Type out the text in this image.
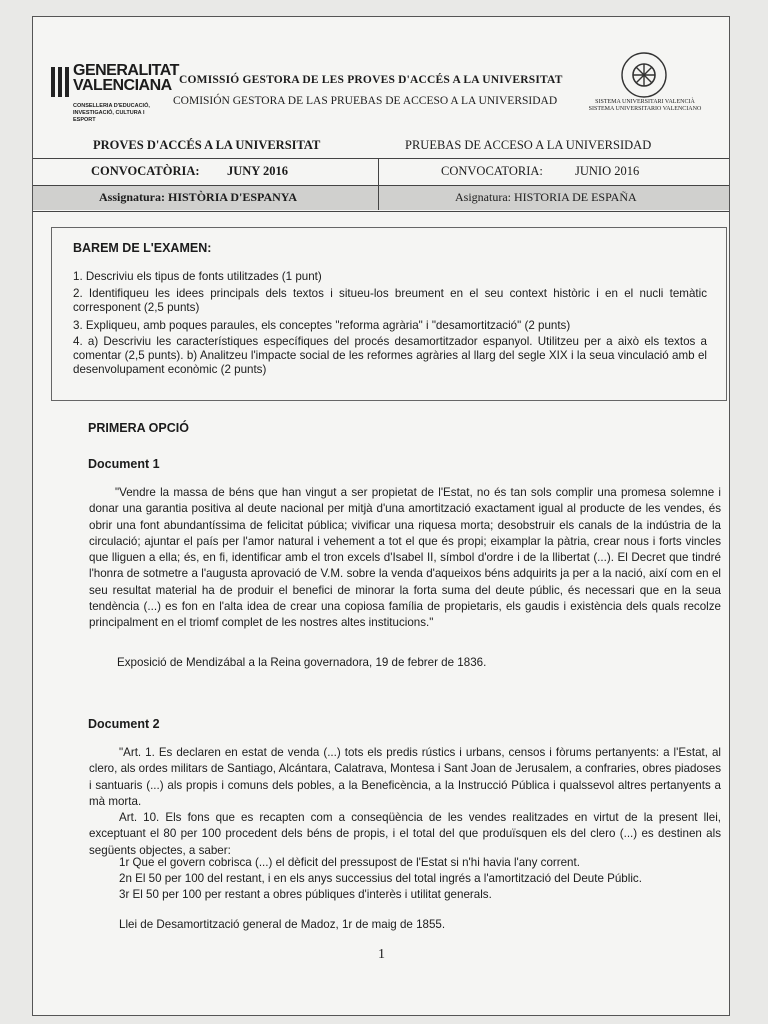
GENERALITAT
VALENCIANA
CONSELLERIA D'EDUCACIÓ, INVESTIGACIÓ, CULTURA I ESPORT
COMISSIÓ GESTORA DE LES PROVES D'ACCÉS A LA UNIVERSITAT
COMISIÓN GESTORA DE LAS PRUEBAS DE ACCESO A LA UNIVERSIDAD	SISTEMA UNIVERSITARI VALENCIÀ
SISTEMA UNIVERSITARIO VALENCIANO
PROVES D'ACCÉS A LA UNIVERSITAT	PRUEBAS DE ACCESO A LA UNIVERSIDAD
CONVOCATÒRIA: JUNY 2016	CONVOCATORIA:	JUNIO 2016
Assignatura: HISTÒRIA D'ESPANYA	Asignatura: HISTORIA DE ESPAÑA
BAREM DE L'EXAMEN:
1. Descriviu els tipus de fonts utilitzades (1 punt)
2. Identifiqueu les idees principals dels textos i situeu-los breument en el seu context històric i en el nucli temàtic corresponent (2,5 punts)
3. Expliqueu, amb poques paraules, els conceptes "reforma agrària" i "desamortització" (2 punts)
4. a) Descriviu les característiques específiques del procés desamortitzador espanyol. Utilitzeu per a això els textos a comentar (2,5 punts). b) Analitzeu l'impacte social de les reformes agràries al llarg del segle XIX i la seua vinculació amb el desenvolupament econòmic (2 punts)
PRIMERA OPCIÓ
Document 1
"Vendre la massa de béns que han vingut a ser propietat de l'Estat, no és tan sols complir una promesa solemne i donar una garantia positiva al deute nacional per mitjà d'una amortització exactament igual al producte de les vendes, és obrir una font abundantíssima de felicitat pública; vivificar una riquesa morta; desobstruir els canals de la indústria de la circulació; ajuntar el país per l'amor natural i vehement a tot el que és propi; eixamplar la pàtria, crear nous i forts vincles que lliguen a ella; és, en fi, identificar amb el tron excels d'Isabel II, símbol d'ordre i de la llibertat (...). El Decret que tindré l'honra de sotmetre a l'augusta aprovació de V.M. sobre la venda d'aqueixos béns adquirits ja per a la nació, així com en el seu resultat material ha de produir el benefici de minorar la forta suma del deute públic, és necessari que en la seua tendència (...) es fon en l'alta idea de crear una copiosa família de propietaris, els gaudis i existència dels quals recolze principalment en el triomf complet de les nostres altes institucions."
Exposició de Mendizábal a la Reina governadora, 19 de febrer de 1836.
Document 2
"Art. 1. Es declaren en estat de venda (...) tots els predis rústics i urbans, censos i fòrums pertanyents: a l'Estat, al clero, als ordes militars de Santiago, Alcántara, Calatrava, Montesa i Sant Joan de Jerusalem, a confraries, obres piadoses i santuaris (...) als propis i comuns dels pobles, a la Beneficència, a la Instrucció Pública i qualssevol altres pertanyents a mà morta.
Art. 10. Els fons que es recapten com a conseqüència de les vendes realitzades en virtut de la present llei, exceptuant el 80 per 100 procedent dels béns de propis, i el total del que produïsquen els del clero (...) es destinen als següents objectes, a saber:
1r Que el govern cobrisca (...) el dèficit del pressupost de l'Estat si n'hi havia l'any corrent.
2n El 50 per 100 del restant, i en els anys successius del total ingrés a l'amortització del Deute Públic.
3r El 50 per 100 per restant a obres públiques d'interès i utilitat generals.
Llei de Desamortització general de Madoz, 1r de maig de 1855.
1
